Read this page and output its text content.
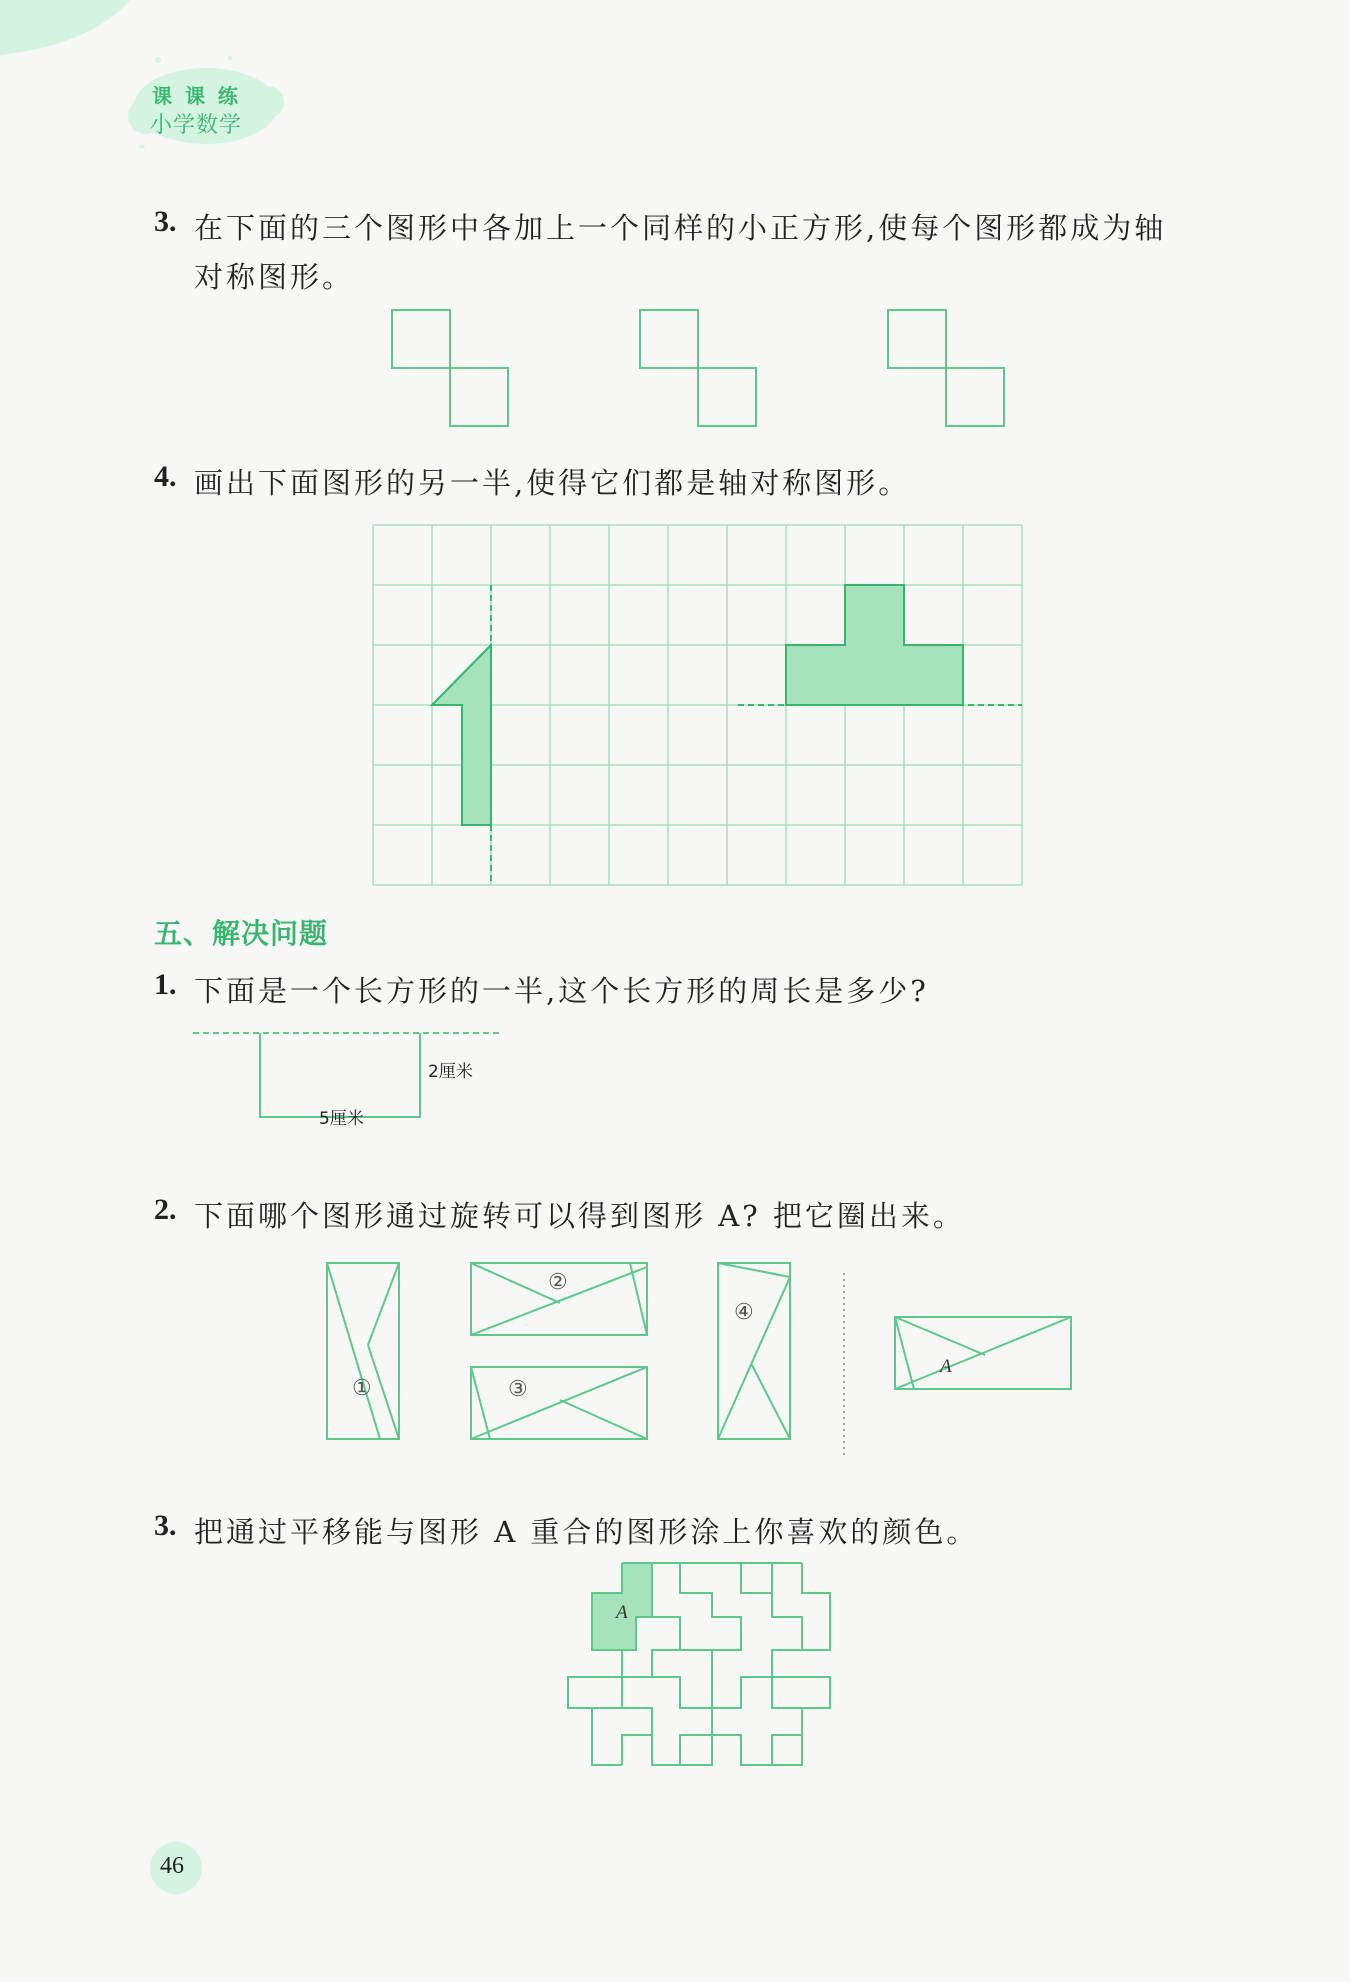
课 课 练
小学数学
3. 在下面的三个图形中各加上一个同样的小正方形,使每个图形都成为轴
对称图形。
4. 画出下面图形的另一半,使得它们都是轴对称图形。
五、解决问题
1. 下面是一个长方形的一半,这个长方形的周长是多少?
2厘米
5厘米
2. 下面哪个图形通过旋转可以得到图形 A? 把它圈出来。
①
②
③
④
A
3. 把通过平移能与图形 A 重合的图形涂上你喜欢的颜色。
A
46
